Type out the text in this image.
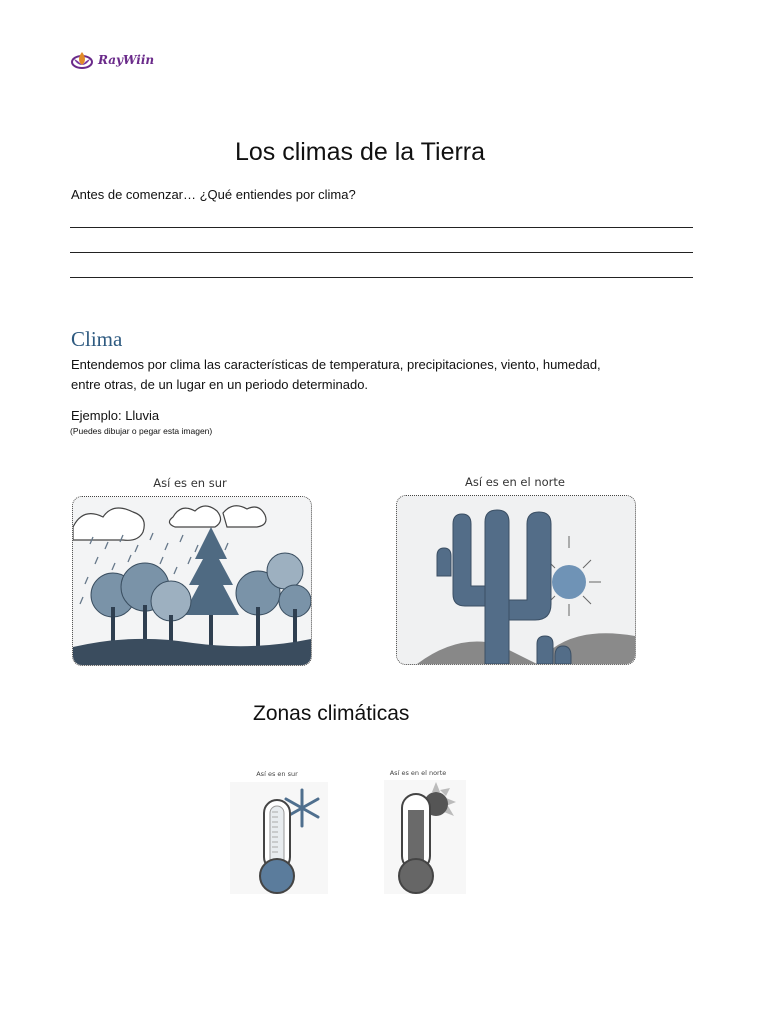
RayWiin
Los climas de la Tierra
Antes de comenzar… ¿Qué entiendes por clima?
Clima
Entendemos por clima las características de temperatura, precipitaciones, viento, humedad,
entre otras, de un lugar en un periodo determinado.
Ejemplo: Lluvia
(Puedes dibujar o pegar esta imagen)
Así es en sur	Así es en el norte
Zonas climáticas
Así es en sur	Así es en el norte
